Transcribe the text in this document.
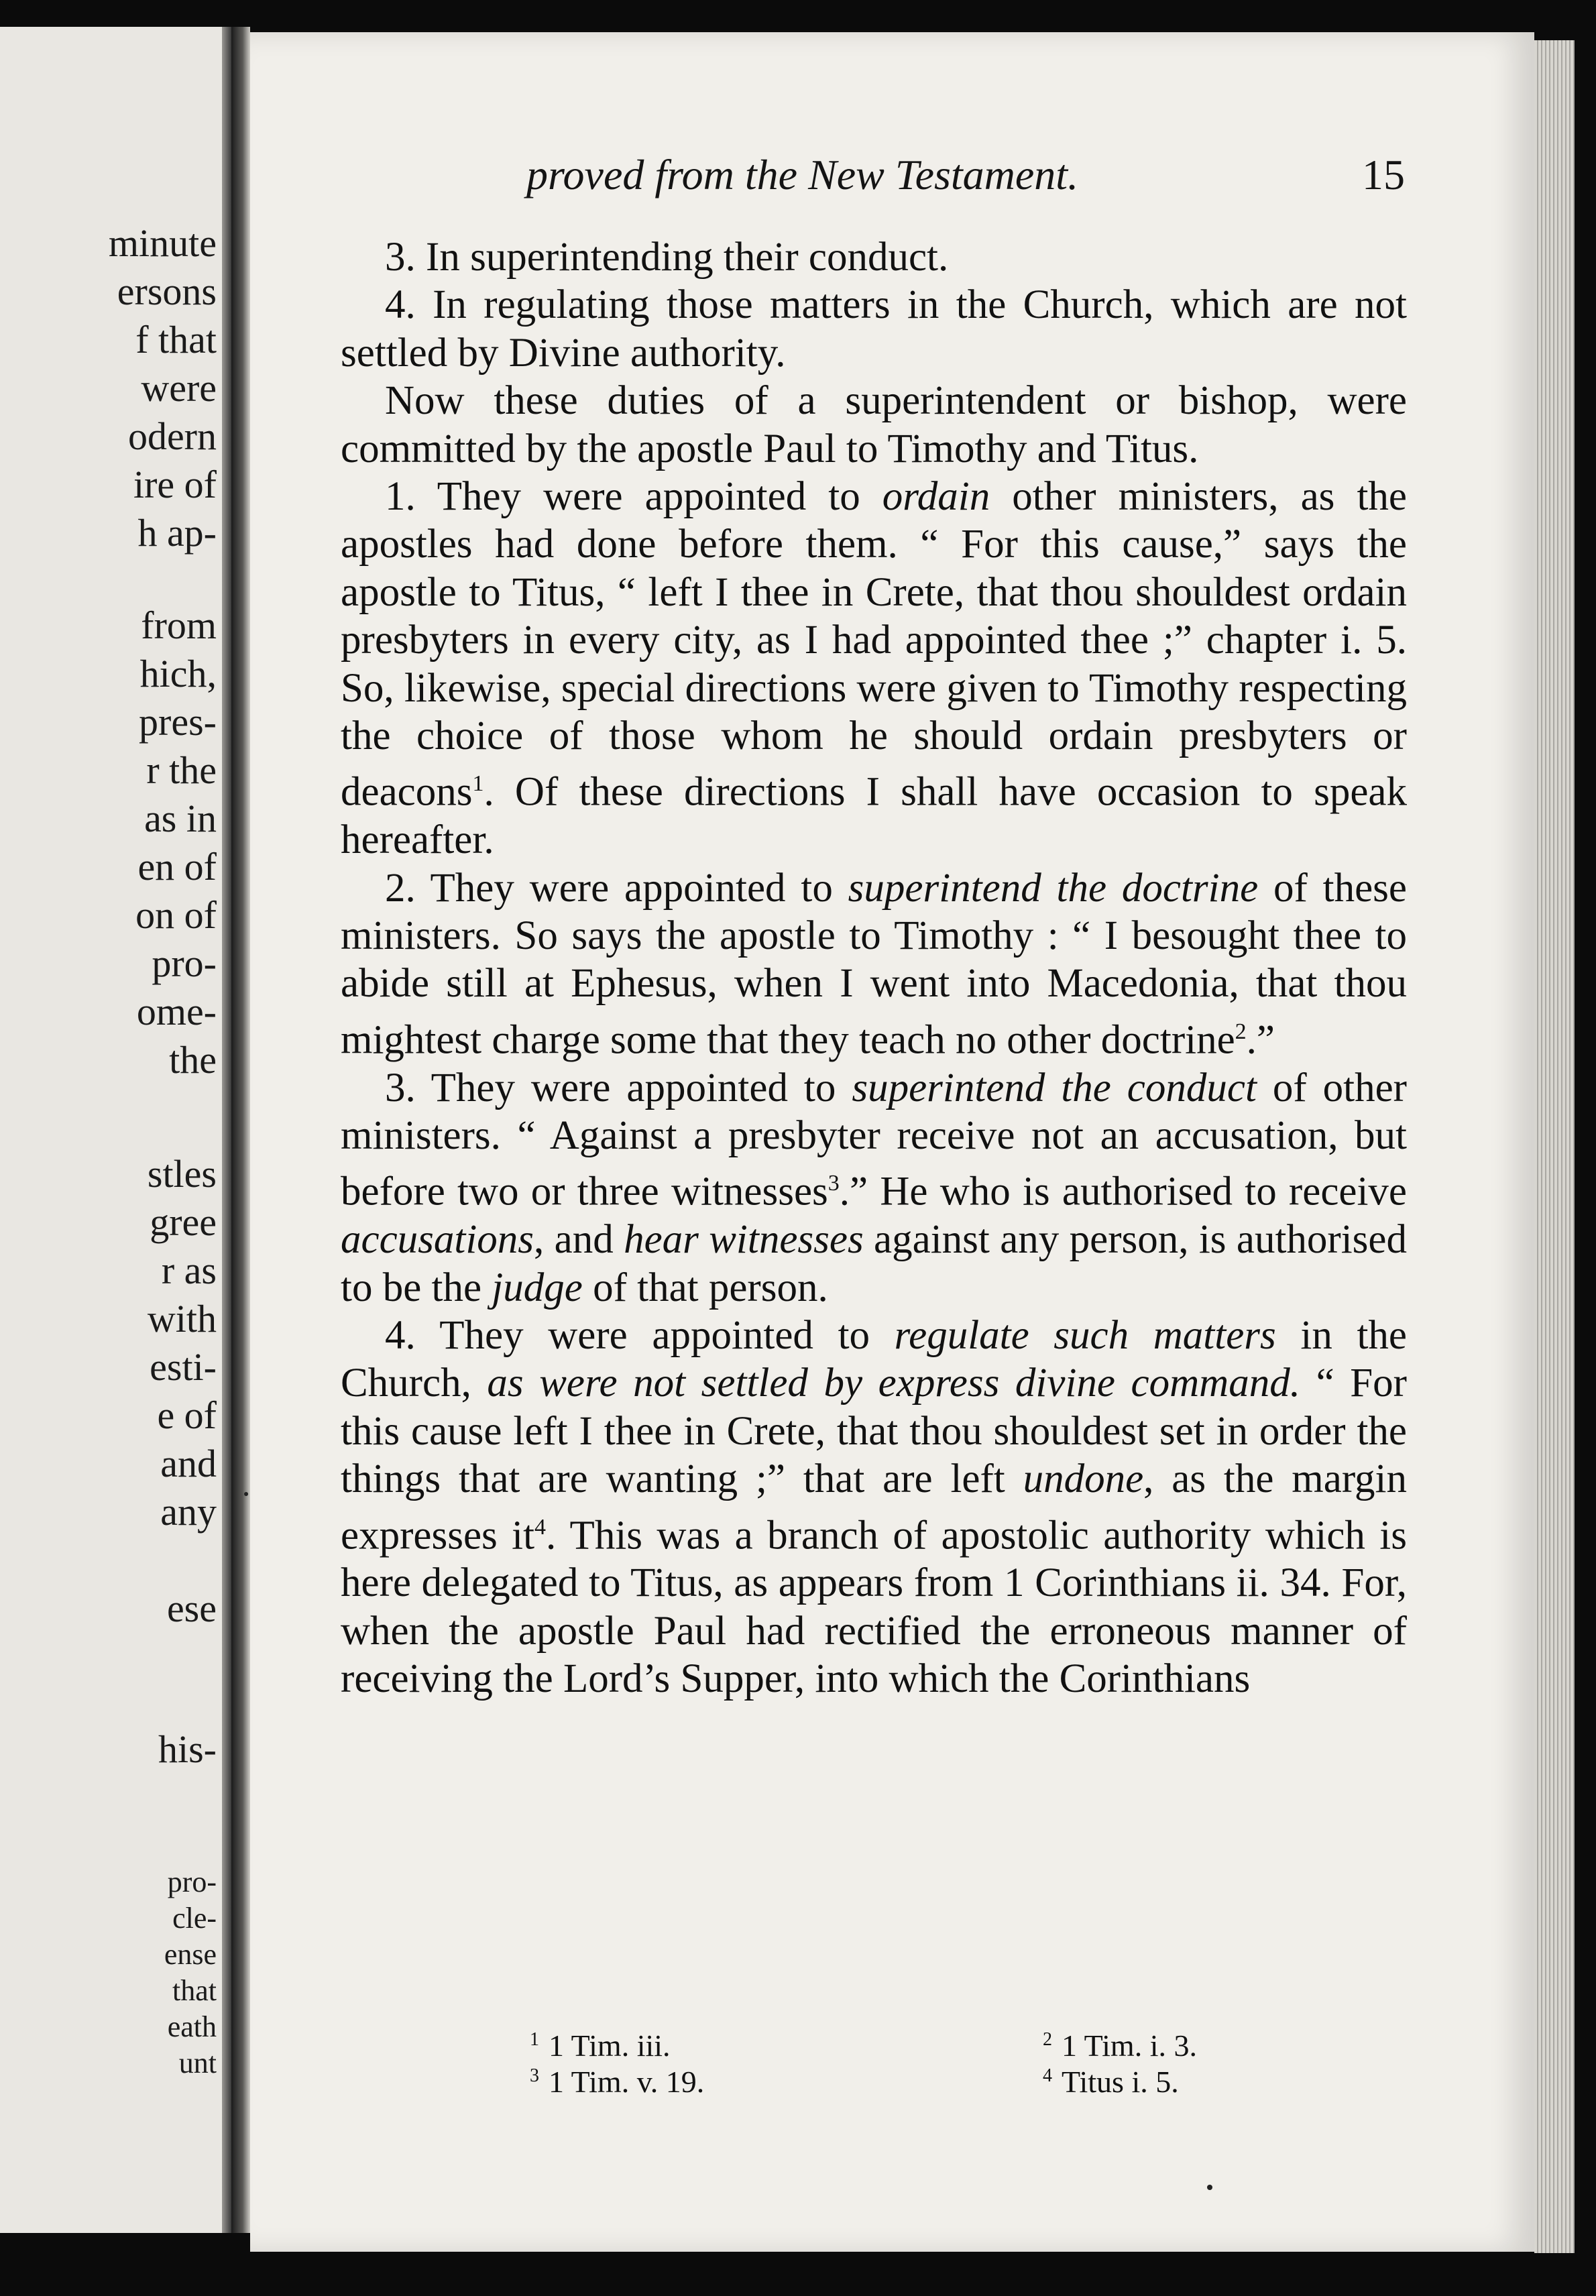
minute
ersons
f that
were
odern
ire of
h ap-
from
hich,
pres-
r the
as in
en of
on of
pro-
ome-
the
stles
gree
r as
with
esti-
e of
and
any
ese
his-
pro-
cle-
ense
that
eath
unt
proved from the New Testament.	15

3. In superintending their conduct.

4. In regulating those matters in the Church, which are not settled by Divine authority.

Now these duties of a superintendent or bishop, were committed by the apostle Paul to Timothy and Titus.

1. They were appointed to ordain other ministers, as the apostles had done before them. “ For this cause,” says the apostle to Titus, “ left I thee in Crete, that thou shouldest ordain presbyters in every city, as I had appointed thee ;” chapter i. 5. So, likewise, special directions were given to Timothy respecting the choice of those whom he should ordain presbyters or deacons$^1$. Of these directions I shall have occasion to speak hereafter.

2. They were appointed to superintend the doctrine of these ministers. So says the apostle to Timothy : “ I besought thee to abide still at Ephesus, when I went into Macedonia, that thou mightest charge some that they teach no other doctrine$^2$.”

3. They were appointed to superintend the conduct of other ministers. “ Against a presbyter receive not an accusation, but before two or three witnesses$^3$.” He who is authorised to receive accusations, and hear witnesses against any person, is authorised to be the judge of that person.

4. They were appointed to regulate such matters in the Church, as were not settled by express divine command. “ For this cause left I thee in Crete, that thou shouldest set in order the things that are wanting ;” that are left undone, as the margin expresses $it^4$. This was a branch of apostolic authority which is here delegated to Titus, as appears from 1 Corinthians ii. 34. For, when the apostle Paul had rectified the erroneous manner of receiving the Lord’s Supper, into which the Corinthians

$^1$ 1 Tim. iii.	$^2$ 1 Tim. i. 3.
$^3$ 1 Tim. v. 19.	$^4$ Titus i. 5.
